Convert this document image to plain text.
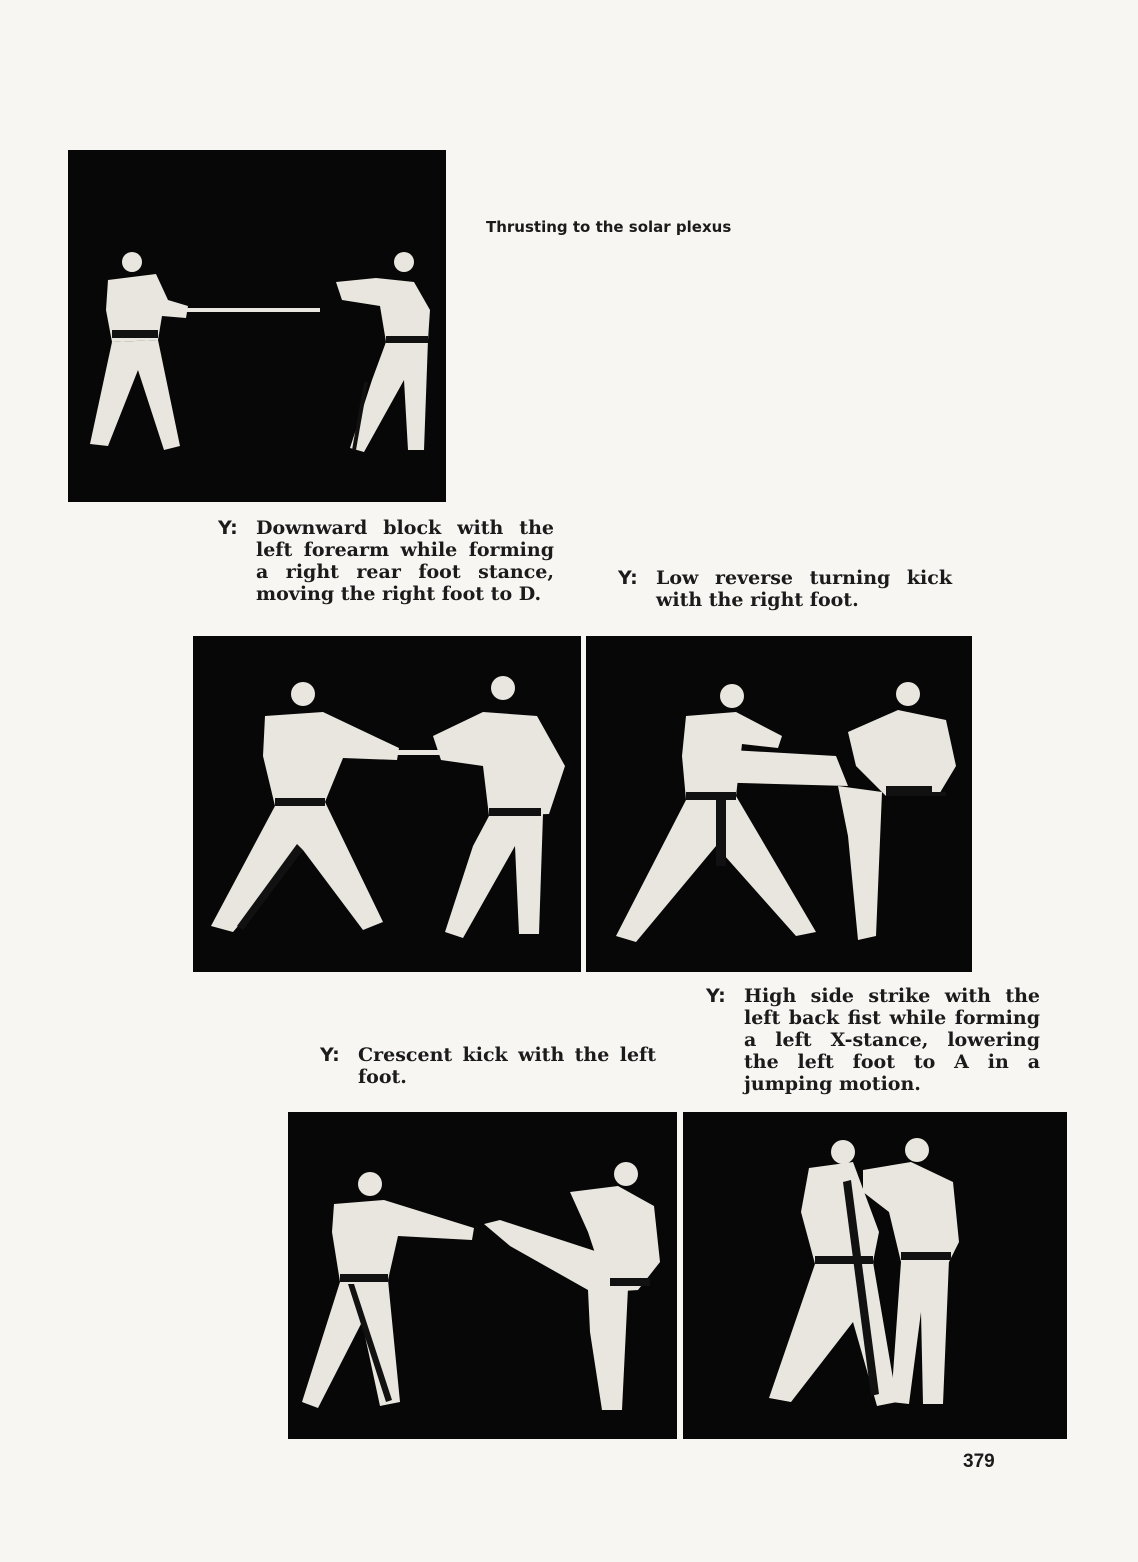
Thrusting to the solar plexus
Y: Downward block with the left forearm while forming a right rear foot stance, moving the right foot to D.
Y: Low reverse turning kick with the right foot.
Y: Crescent kick with the left foot.
Y: High side strike with the left back fist while forming a left X-stance, lowering the left foot to A in a jumping motion.
379
